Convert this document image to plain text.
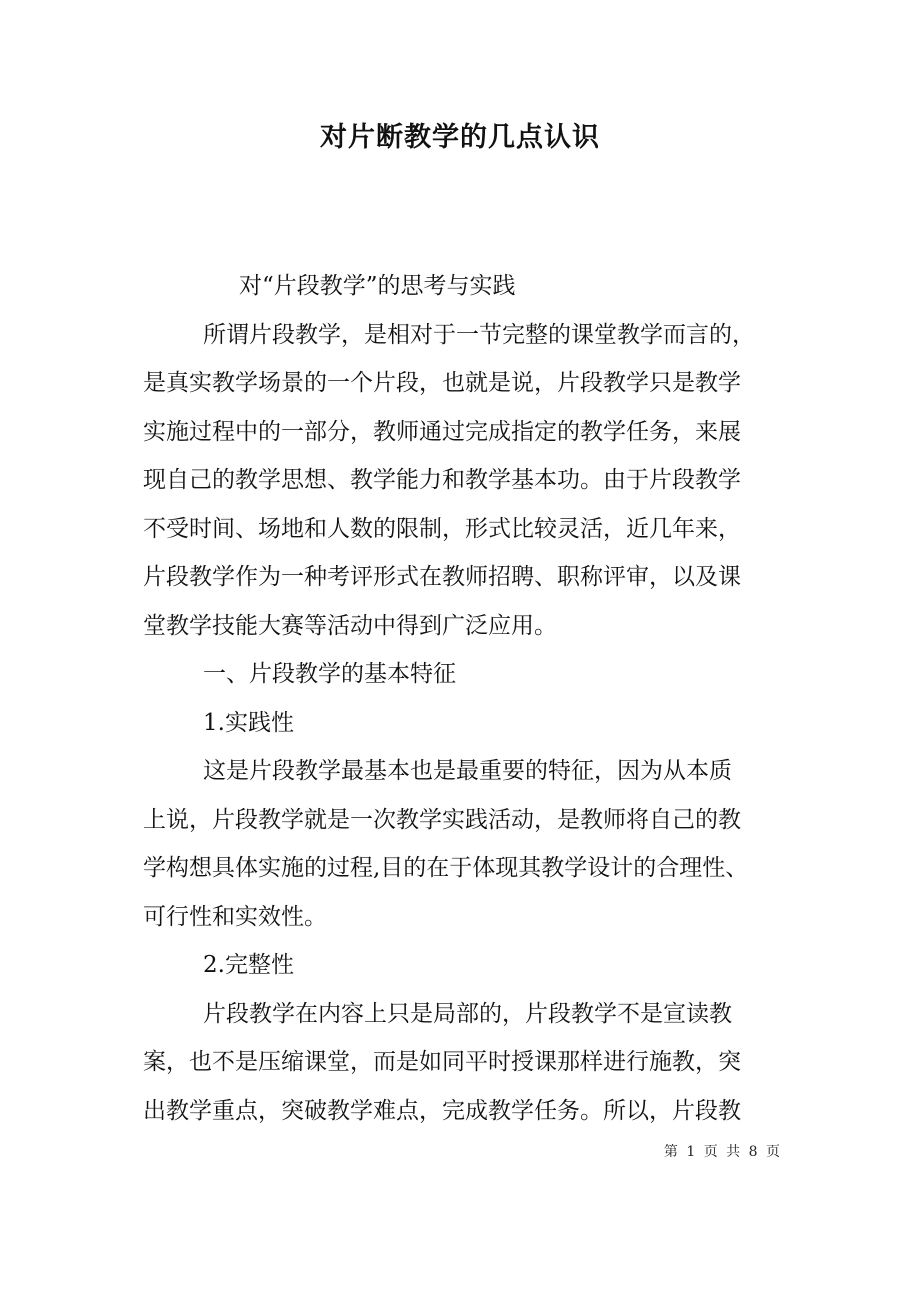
对片断教学的几点认识
对“片段教学”的思考与实践
所谓片段教学，是相对于一节完整的课堂教学而言的，
是真实教学场景的一个片段，也就是说，片段教学只是教学
实施过程中的一部分，教师通过完成指定的教学任务，来展
现自己的教学思想、教学能力和教学基本功。由于片段教学
不受时间、场地和人数的限制，形式比较灵活，近几年来，
片段教学作为一种考评形式在教师招聘、职称评审，以及课
堂教学技能大赛等活动中得到广泛应用。
一、片段教学的基本特征
1.实践性
这是片段教学最基本也是最重要的特征，因为从本质
上说，片段教学就是一次教学实践活动，是教师将自己的教
学构想具体实施的过程,目的在于体现其教学设计的合理性、
可行性和实效性。
2.完整性
片段教学在内容上只是局部的，片段教学不是宣读教
案，也不是压缩课堂，而是如同平时授课那样进行施教，突
出教学重点，突破教学难点，完成教学任务。所以，片段教
第 1 页 共 8 页
